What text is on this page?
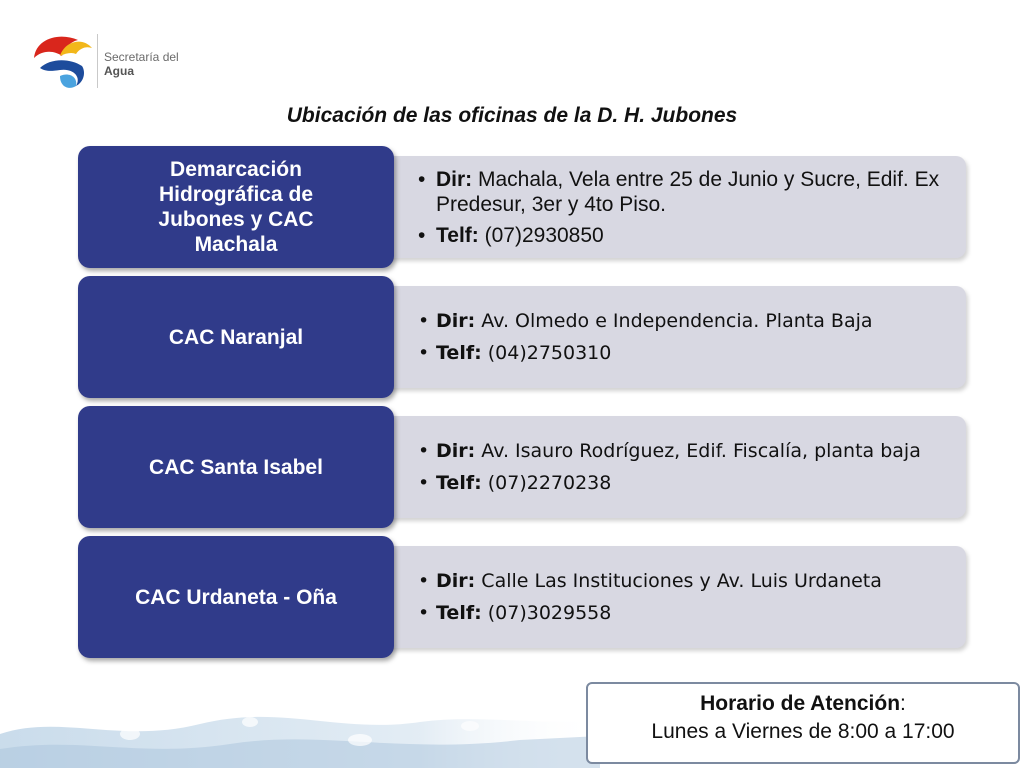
Secretaría del
Agua
Ubicación de las oficinas de la D. H. Jubones
Demarcación Hidrográfica de Jubones y CAC Machala
• Dir: Machala, Vela entre 25 de Junio y Sucre, Edif. Ex Predesur, 3er y 4to Piso.
• Telf: (07)2930850
CAC Naranjal
• Dir: Av. Olmedo e Independencia. Planta Baja
• Telf: (04)2750310
CAC Santa Isabel
• Dir: Av. Isauro Rodríguez, Edif. Fiscalía, planta baja
• Telf: (07)2270238
CAC Urdaneta - Oña
• Dir: Calle Las Instituciones y Av. Luis Urdaneta
• Telf: (07)3029558
Horario de Atención:
Lunes a Viernes de 8:00 a 17:00
